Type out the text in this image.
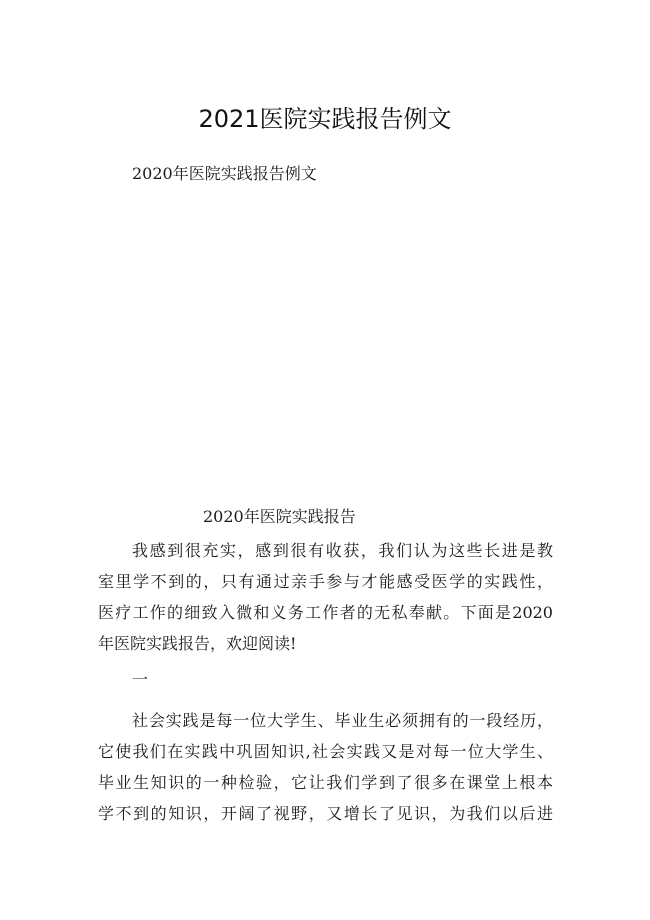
2021医院实践报告例文

2020年医院实践报告例文

2020年医院实践报告

我感到很充实，感到很有收获，我们认为这些长进是教
室里学不到的，只有通过亲手参与才能感受医学的实践性，
医疗工作的细致入微和义务工作者的无私奉献。下面是2020
年医院实践报告，欢迎阅读!

一

社会实践是每一位大学生、毕业生必须拥有的一段经历，
它使我们在实践中巩固知识,社会实践又是对每一位大学生、
毕业生知识的一种检验，它让我们学到了很多在课堂上根本
学不到的知识，开阔了视野，又增长了见识，为我们以后进
